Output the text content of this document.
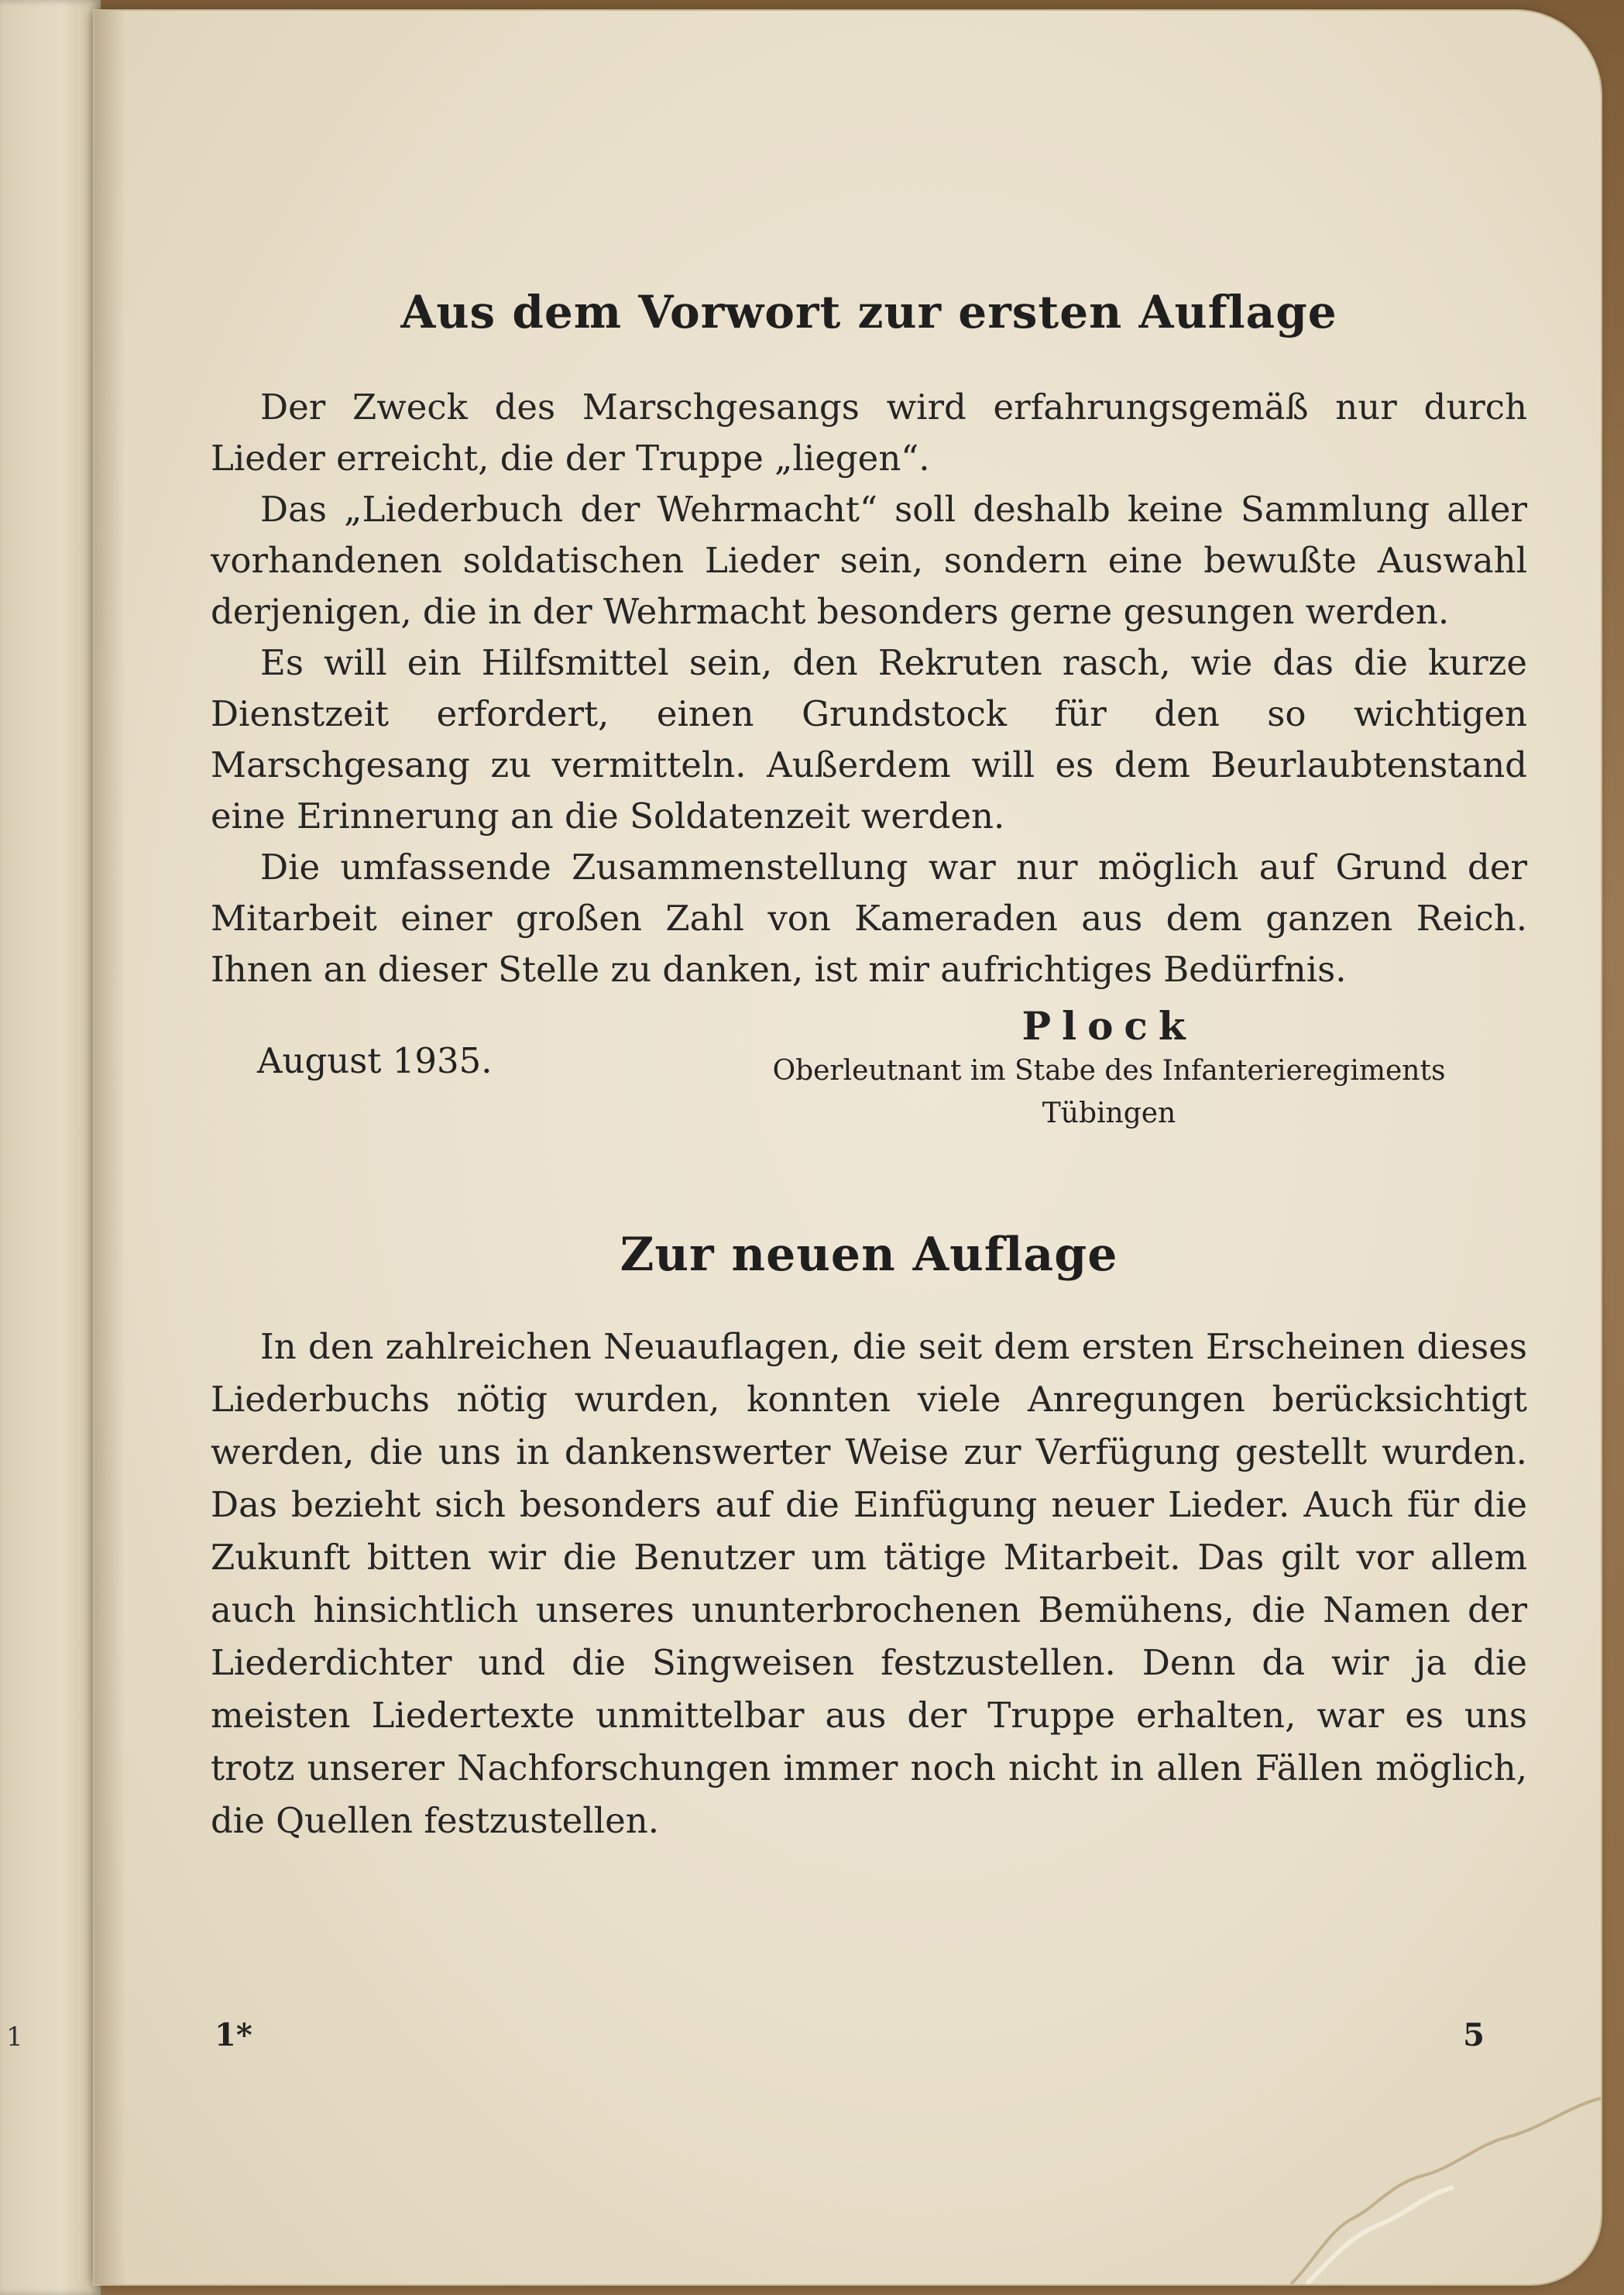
1
Aus dem Vorwort zur ersten Auflage

Der Zweck des Marschgesangs wird erfahrungsgemäß nur durch Lieder erreicht, die der Truppe „liegen“.

Das „Liederbuch der Wehrmacht“ soll deshalb keine Sammlung aller vorhandenen soldatischen Lieder sein, sondern eine bewußte Auswahl derjenigen, die in der Wehrmacht besonders gerne gesungen werden.

Es will ein Hilfsmittel sein, den Rekruten rasch, wie das die kurze Dienstzeit erfordert, einen Grundstock für den so wichtigen Marschgesang zu vermitteln. Außerdem will es dem Beurlaubtenstand eine Erinnerung an die Soldatenzeit werden.

Die umfassende Zusammenstellung war nur möglich auf Grund der Mitarbeit einer großen Zahl von Kameraden aus dem ganzen Reich. Ihnen an dieser Stelle zu danken, ist mir aufrichtiges Bedürfnis.

August 1935.
Plock
Oberleutnant im Stabe des Infanterieregiments
Tübingen
Zur neuen Auflage

In den zahlreichen Neuauflagen, die seit dem ersten Erscheinen dieses Liederbuchs nötig wurden, konnten viele Anregungen berücksichtigt werden, die uns in dankenswerter Weise zur Verfügung gestellt wurden. Das bezieht sich besonders auf die Einfügung neuer Lieder. Auch für die Zukunft bitten wir die Benutzer um tätige Mitarbeit. Das gilt vor allem auch hinsichtlich unseres ununterbrochenen Bemühens, die Namen der Liederdichter und die Singweisen festzustellen. Denn da wir ja die meisten Liedertexte unmittelbar aus der Truppe erhalten, war es uns trotz unserer Nachforschungen immer noch nicht in allen Fällen möglich, die Quellen festzustellen.

1*	5
